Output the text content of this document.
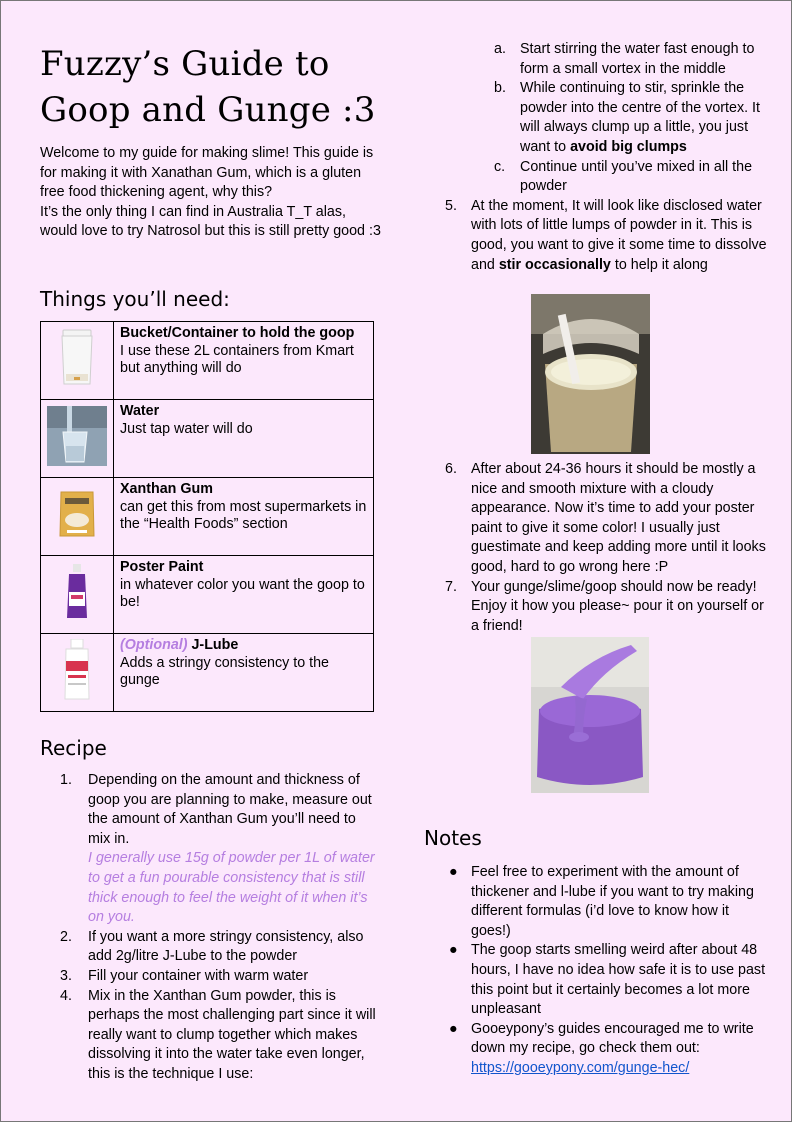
Fuzzy’s Guide to
Goop and Gunge :3

Welcome to my guide for making slime! This guide is for making it with Xanathan Gum, which is a gluten free food thickening agent, why this?

It’s the only thing I can find in Australia T_T alas, would love to try Natrosol but this is still pretty good :3

Things you’ll need:

Bucket/Container to hold the goop
I use these 2L containers from Kmart but anything will do

Water
Just tap water will do

Xanthan Gum
can get this from most supermarkets in the “Health Foods” section

Poster Paint
in whatever color you want the goop to be!

(Optional) J-Lube
Adds a stringy consistency to the gunge
Recipe
1.	Depending on the amount and thickness of goop you are planning to make, measure out the amount of Xanthan Gum you’ll need to mix in.
I generally use 15g of powder per 1L of water to get a fun pourable consistency that is still thick enough to feel the weight of it when it’s on you.
2.	If you want a more stringy consistency, also add 2g/litre J-Lube to the powder
3.	Fill your container with warm water
4.	Mix in the Xanthan Gum powder, this is perhaps the most challenging part since it will really want to clump together which makes dissolving it into the water take even longer, this is the technique I use:
a. Start stirring the water fast enough to form a small vortex in the middle
b. While continuing to stir, sprinkle the powder into the centre of the vortex. It will always clump up a little, you just want to avoid big clumps
c. Continue until you’ve mixed in all the powder
5. At the moment, It will look like disclosed water with lots of little lumps of powder in it. This is good, you want to give it some time to dissolve and stir occasionally to help it along
6. After about 24-36 hours it should be mostly a nice and smooth mixture with a cloudy appearance. Now it’s time to add your poster paint to give it some color! I usually just guestimate and keep adding more until it looks good, hard to go wrong here :P
7. Your gunge/slime/goop should now be ready! Enjoy it how you please~ pour it on yourself or a friend!
Notes
● Feel free to experiment with the amount of thickener and l-lube if you want to try making different formulas (i’d love to know how it goes!)
● The goop starts smelling weird after about 48 hours, I have no idea how safe it is to use past this point but it certainly becomes a lot more unpleasant
● Gooeypony’s guides encouraged me to write down my recipe, go check them out: https://gooeypony.com/gunge-hec/
